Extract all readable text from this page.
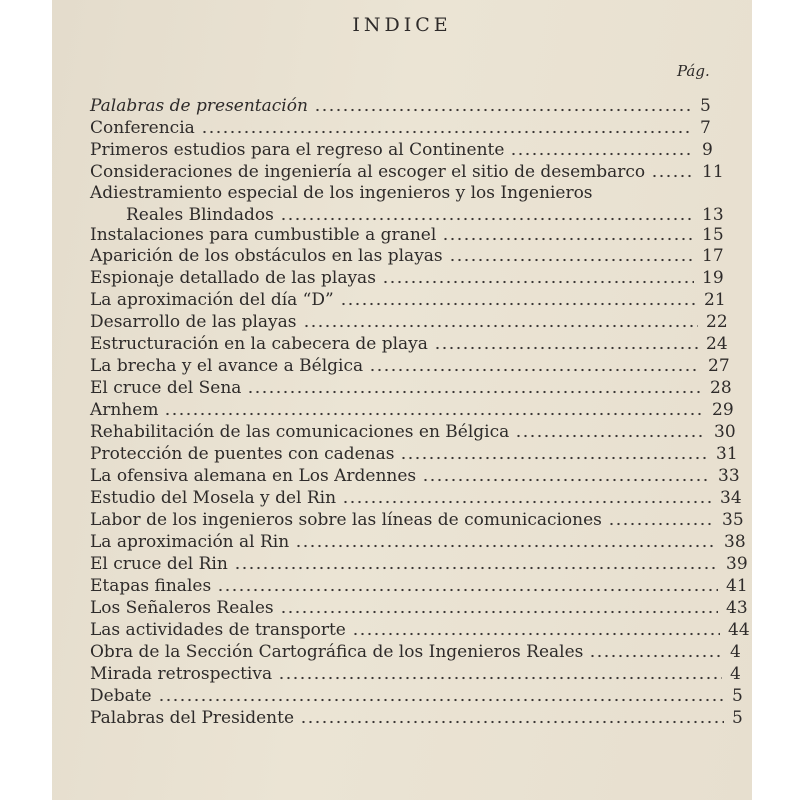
INDICE
Pág.
Palabras de presentación	5
Conferencia	7
Primeros estudios para el regreso al Continente	9
Consideraciones de ingeniería al escoger el sitio de desembarco	11
Adiestramiento especial de los ingenieros y los Ingenieros
Reales Blindados	13
Instalaciones para cumbustible a granel	15
Aparición de los obstáculos en las playas	17
Espionaje detallado de las playas	19
La aproximación del día “D”	21
Desarrollo de las playas	22
Estructuración en la cabecera de playa	24
La brecha y el avance a Bélgica	27
El cruce del Sena	28
Arnhem	29
Rehabilitación de las comunicaciones en Bélgica	30
Protección de puentes con cadenas	31
La ofensiva alemana en Los Ardennes	33
Estudio del Mosela y del Rin	34
Labor de los ingenieros sobre las líneas de comunicaciones	35
La aproximación al Rin	38
El cruce del Rin	39
Etapas finales	41
Los Señaleros Reales	43
Las actividades de transporte	44
Obra de la Sección Cartográfica de los Ingenieros Reales	4
Mirada retrospectiva	4
Debate	5
Palabras del Presidente	5
